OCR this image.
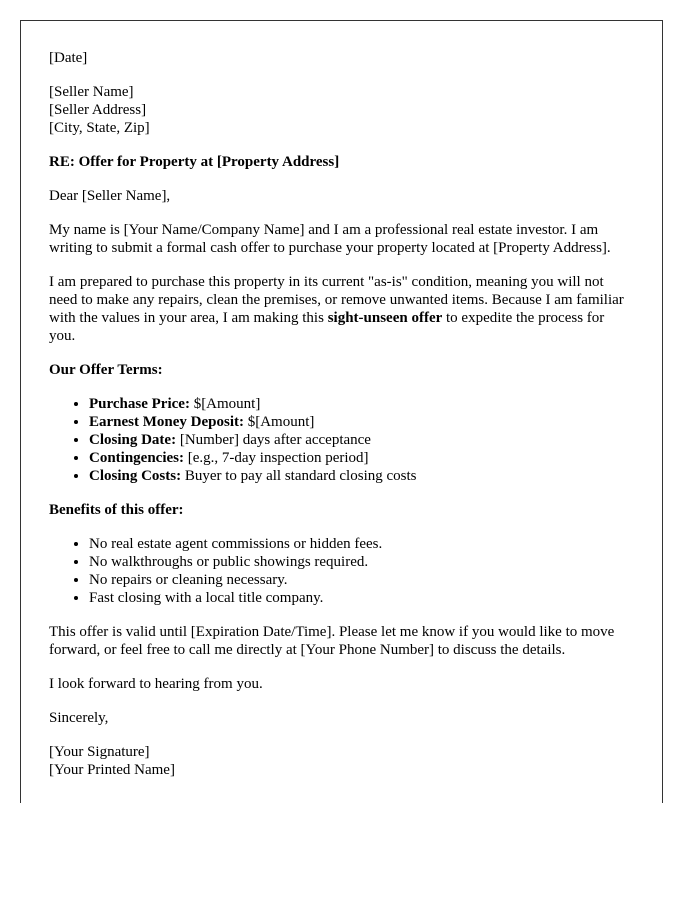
[Date]

[Seller Name]
[Seller Address]
[City, State, Zip]

RE: Offer for Property at [Property Address]

Dear [Seller Name],

My name is [Your Name/Company Name] and I am a professional real estate investor. I am writing to submit a formal cash offer to purchase your property located at [Property Address].

I am prepared to purchase this property in its current "as-is" condition, meaning you will not need to make any repairs, clean the premises, or remove unwanted items. Because I am familiar with the values in your area, I am making this sight-unseen offer to expedite the process for you.

Our Offer Terms:

• Purchase Price: $[Amount]
• Earnest Money Deposit: $[Amount]
• Closing Date: [Number] days after acceptance
• Contingencies: [e.g., 7-day inspection period]
• Closing Costs: Buyer to pay all standard closing costs

Benefits of this offer:

• No real estate agent commissions or hidden fees.
• No walkthroughs or public showings required.
• No repairs or cleaning necessary.
• Fast closing with a local title company.

This offer is valid until [Expiration Date/Time]. Please let me know if you would like to move forward, or feel free to call me directly at [Your Phone Number] to discuss the details.

I look forward to hearing from you.

Sincerely,

[Your Signature]
[Your Printed Name]
